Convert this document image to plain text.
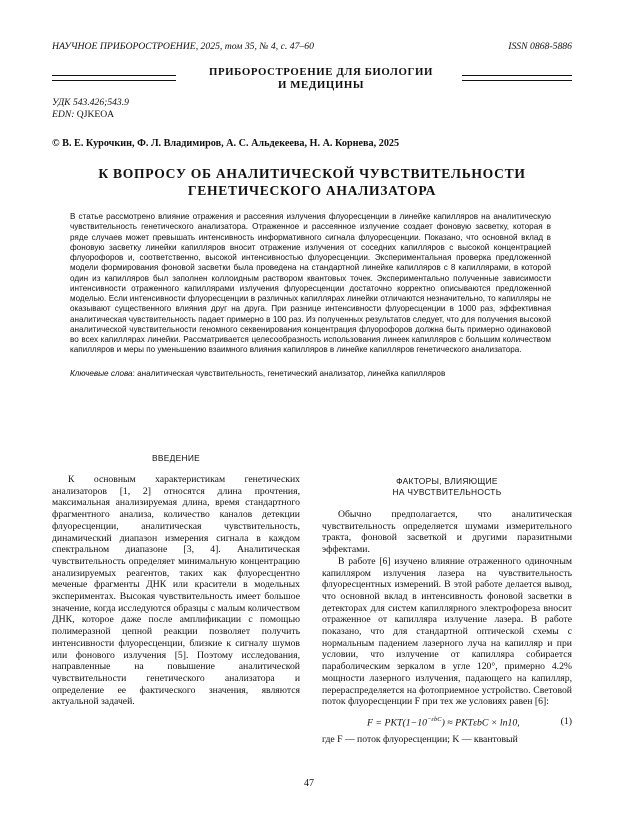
НАУЧНОЕ ПРИБОРОСТРОЕНИЕ, 2025, том 35, № 4, с. 47–60	ISSN 0868-5886
ПРИБОРОСТРОЕНИЕ ДЛЯ БИОЛОГИИ
И МЕДИЦИНЫ
УДК 543.426;543.9
EDN: QJKEOA
© В. Е. Курочкин, Ф. Л. Владимиров, А. С. Альдекеева, Н. А. Корнева, 2025
К ВОПРОСУ ОБ АНАЛИТИЧЕСКОЙ ЧУВСТВИТЕЛЬНОСТИ
ГЕНЕТИЧЕСКОГО АНАЛИЗАТОРА
В статье рассмотрено влияние отражения и рассеяния излучения флуоресценции в линейке капилляров на аналитическую чувствительность генетического анализатора. Отраженное и рассеянное излучение создает фоновую засветку, которая в ряде случаев может превышать интенсивность информативного сигнала флуоресценции. Показано, что основной вклад в фоновую засветку линейки капилляров вносит отражение излучения от соседних капилляров с высокой концентрацией флуорофоров и, соответственно, высокой интенсивностью флуоресценции. Экспериментальная проверка предложенной модели формирования фоновой засветки была проведена на стандартной линейке капилляров с 8 капиллярами, в которой один из капилляров был заполнен коллоидным раствором квантовых точек. Экспериментально полученные зависимости интенсивности отраженного капиллярами излучения флуоресценции достаточно корректно описываются предложенной моделью. Если интенсивности флуоресценции в различных капиллярах линейки отличаются незначительно, то капилляры не оказывают существенного влияния друг на друга. При разнице интенсивности флуоресценции в 1000 раз, эффективная аналитическая чувствительность падает примерно в 100 раз. Из полученных результатов следует, что для получения высокой аналитической чувствительности геномного секвенирования концентрация флуорофоров должна быть примерно одинаковой во всех капиллярах линейки. Рассматривается целесообразность использования линеек капилляров с большим количеством капилляров и меры по уменьшению взаимного влияния капилляров в линейке капилляров генетического анализатора.
Ключевые слова: аналитическая чувствительность, генетический анализатор, линейка капилляров
ВВЕДЕНИЕ

К основным характеристикам генетических анализаторов [1, 2] относятся длина прочтения, максимальная анализируемая длина, время стандартного фрагментного анализа, количество каналов детекции флуоресценции, аналитическая чувствительность, динамический диапазон измерения сигнала в каждом спектральном диапазоне [3, 4]. Аналитическая чувствительность определяет минимальную концентрацию анализируемых реагентов, таких как флуоресцентно меченые фрагменты ДНК или красители в модельных экспериментах. Высокая чувствительность имеет большое значение, когда исследуются образцы с малым количеством ДНК, которое даже после амплификации с помощью полимеразной цепной реакции позволяет получить интенсивности флуоресценции, близкие к сигналу шумов или фонового излучения [5]. Поэтому исследования, направленные на повышение аналитической чувствительности генетического анализатора и определение ее фактического значения, являются актуальной задачей.

ФАКТОРЫ, ВЛИЯЮЩИЕ
НА ЧУВСТВИТЕЛЬНОСТЬ

Обычно предполагается, что аналитическая чувствительность определяется шумами измерительного тракта, фоновой засветкой и другими паразитными эффектами.

В работе [6] изучено влияние отраженного одиночным капилляром излучения лазера на чувствительность флуоресцентных измерений. В этой работе делается вывод, что основной вклад в интенсивность фоновой засветки в детекторах для систем капиллярного электрофореза вносит отраженное от капилляра излучение лазера. В работе показано, что для стандартной оптической схемы с нормальным падением лазерного луча на капилляр и при условии, что излучение от капилляра собирается параболическим зеркалом в угле 120°, примерно 4.2% мощности лазерного излучения, падающего на капилляр, перераспределяется на фотоприемное устройство. Световой поток флуоресценции F при тех же условиях равен [6]:

$F = PKT(1-10^{-\varepsilon bC}) \approx PKT\varepsilon bC \times \ln 10$,	(1)
где F — поток флуоресценции; K — квантовый
47
